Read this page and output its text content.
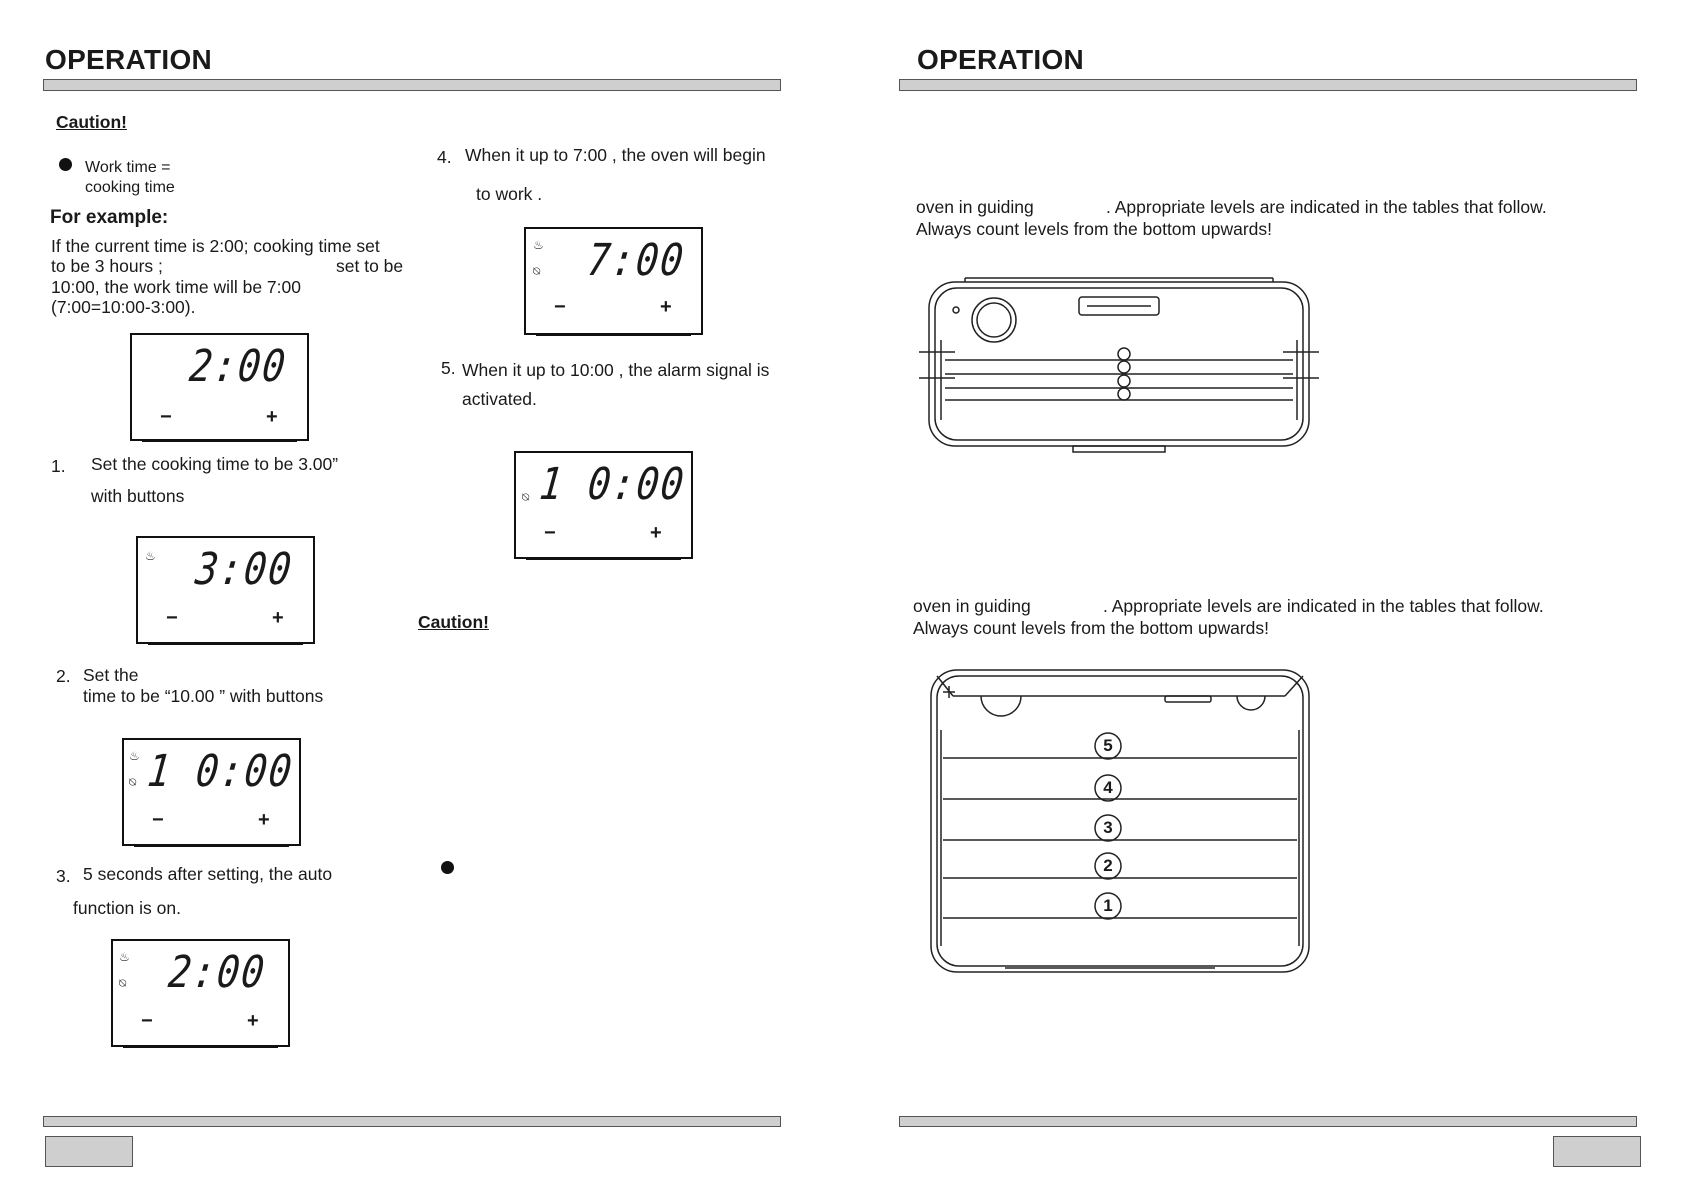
OPERATION
Caution!
Work time =
cooking time
For example:
If the current time is 2:00; cooking time set
to be 3 hours ;	set to be
10:00, the work time will be 7:00
(7:00=10:00-3:00).
2:00
−	+
1. Set the cooking time to be 3.00”
with buttons
♨ 3:00
−	+
2. Set the
time to be “10.00 ” with buttons
♨
⍉ 1 0:00
−	+
3. 5 seconds after setting, the auto
function is on.
♨
⍉ 2:00
−	+
4. When it up to 7:00 , the oven will begin
to work .
♨
⍉ 7:00
−	+
5. When it up to 10:00 , the alarm signal is
activated.
⍉ 1 0:00
−	+
Caution!
OPERATION
oven in guiding	. Appropriate levels are indicated in the tables that follow.
Always count levels from the bottom upwards!
oven in guiding	. Appropriate levels are indicated in the tables that follow.
Always count levels from the bottom upwards!
5
4
3
2
1
